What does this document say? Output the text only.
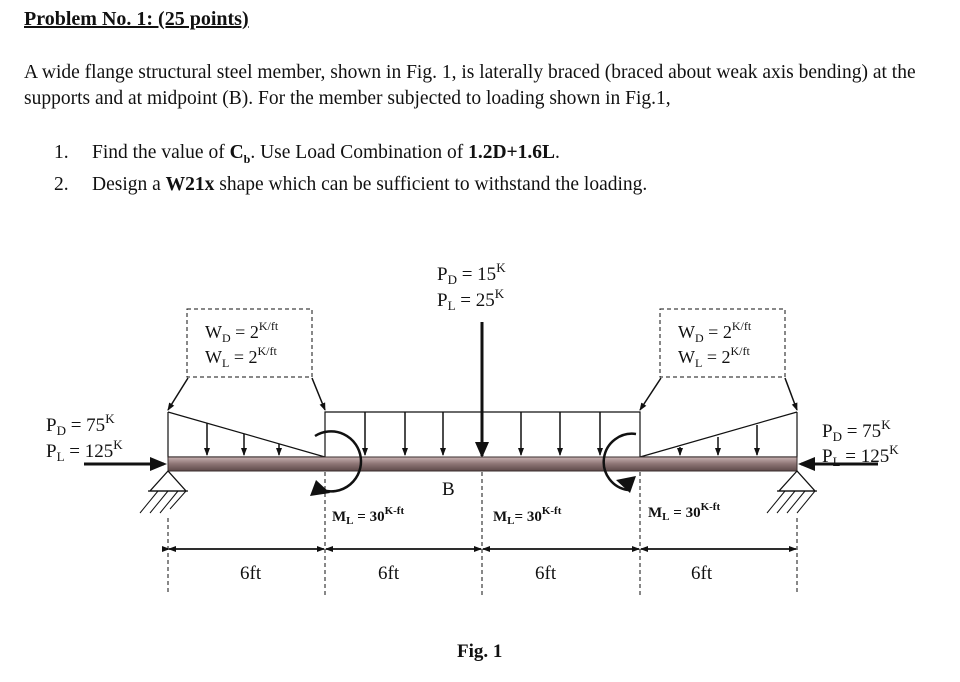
Problem No. 1: (25 points)
A wide flange structural steel member, shown in Fig. 1, is laterally braced (braced about weak axis bending) at the supports and at midpoint (B). For the member subjected to loading shown in Fig.1,
1.	Find the value of $C_b$. Use Load Combination of 1.2D+1.6L.
2.	Design a W21x shape which can be sufficient to withstand the loading.
$W_D = 2^{K/ft}$
$W_L = 2^{K/ft}$
$W_D = 2^{K/ft}$
$W_L = 2^{K/ft}$
$P_D = 15^K$
$P_L = 25^K$
$P_D = 75^K$
$P_L = 125^K$
$P_D = 75^K$
$P_L = 125^K$
B
$M_L = 30^{K-ft}$	$M_L= 30^{K-ft}$	$M_L = 30^{K-ft}$
6ft	6ft	6ft	6ft
Fig. 1
